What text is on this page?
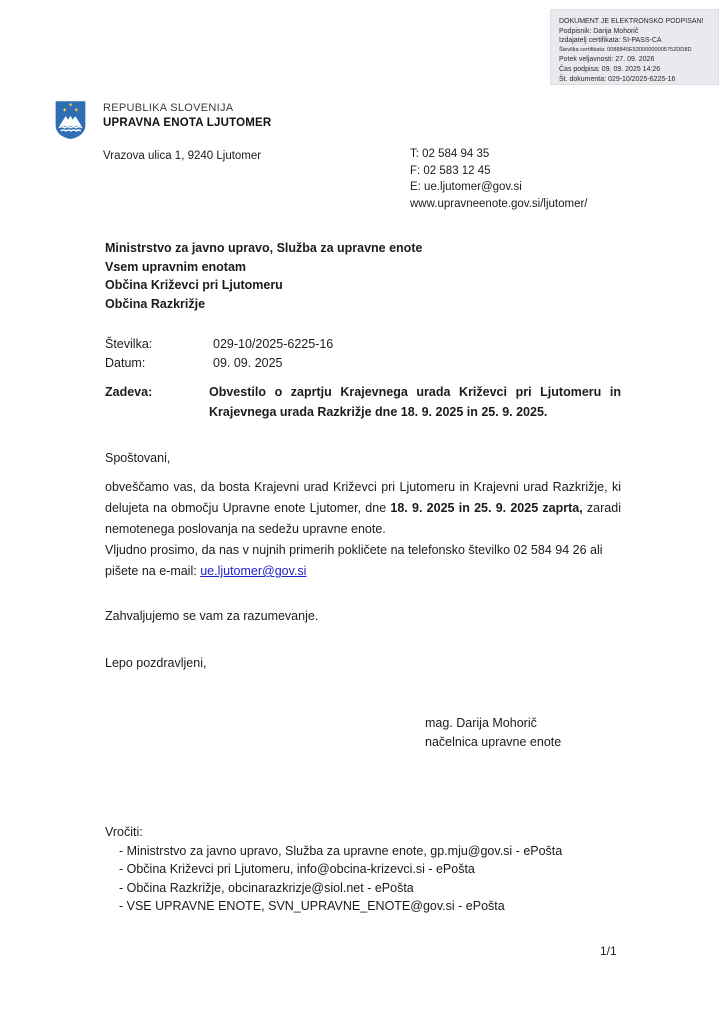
DOKUMENT JE ELEKTRONSKO PODPISAN!
Podpisnik: Darija Mohorič
Izdajatelj certifikata: SI-PASS-CA
Številka certifikata: 0088845E53000000005752DD8D
Potek veljavnosti: 27. 09. 2026
Čas podpisa: 09. 09. 2025 14:26
Št. dokumenta: 029-10/2025-6225-16
REPUBLIKA SLOVENIJA
UPRAVNA ENOTA LJUTOMER
Vrazova ulica 1, 9240 Ljutomer	T: 02 584 94 35
F: 02 583 12 45
E: ue.ljutomer@gov.si
www.upravneenote.gov.si/ljutomer/
Ministrstvo za javno upravo, Služba za upravne enote
Vsem upravnim enotam
Občina Križevci pri Ljutomeru
Občina Razkrižje
Številka:	029-10/2025-6225-16
Datum:	09. 09. 2025
Zadeva:	Obvestilo o zaprtju Krajevnega urada Križevci pri Ljutomeru in Krajevnega urada Razkrižje dne 18. 9. 2025 in 25. 9. 2025.
Spoštovani,
obveščamo vas, da bosta Krajevni urad Križevci pri Ljutomeru in Krajevni urad Razkrižje, ki delujeta na območju Upravne enote Ljutomer, dne 18. 9. 2025 in 25. 9. 2025 zaprta, zaradi nemotenega poslovanja na sedežu upravne enote.
Vljudno prosimo, da nas v nujnih primerih pokličete na telefonsko številko 02 584 94 26 ali pišete na e-mail: ue.ljutomer@gov.si
Zahvaljujemo se vam za razumevanje.
Lepo pozdravljeni,
mag. Darija Mohorič
načelnica upravne enote
Vročiti:
- Ministrstvo za javno upravo, Služba za upravne enote, gp.mju@gov.si - ePošta
- Občina Križevci pri Ljutomeru, info@obcina-krizevci.si - ePošta
- Občina Razkrižje, obcinarazkrizje@siol.net - ePošta
- VSE UPRAVNE ENOTE, SVN_UPRAVNE_ENOTE@gov.si - ePošta
1/1
